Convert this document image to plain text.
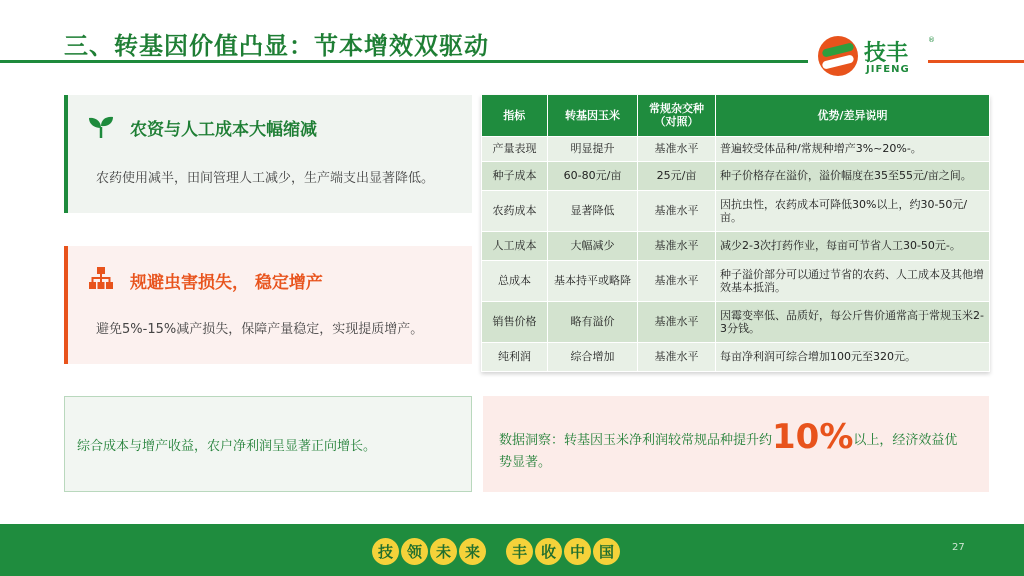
三、转基因价值凸显：节本增效双驱动	技丰
®
JIFENG
农资与人工成本大幅缩减
农药使用减半，田间管理人工减少，生产端支出显著降低。
规避虫害损失， 稳定增产
避免5%-15%减产损失，保障产量稳定，实现提质增产。
综合成本与增产收益，农户净利润呈显著正向增长。	数据洞察：转基因玉米净利润较常规品种提升约10%以上，经济效益优势显著。
指标	转基因玉米	常规杂交种（对照）	优势/差异说明
产量表现	明显提升	基准水平	普遍较受体品种/常规种增产3%~20%-。
种子成本	60-80元/亩	25元/亩	种子价格存在溢价，溢价幅度在35至55元/亩之间。
农药成本	显著降低	基准水平	因抗虫性，农药成本可降低30%以上，约30-50元/亩。
人工成本	大幅减少	基准水平	减少2-3次打药作业，每亩可节省人工30-50元-。
总成本	基本持平或略降	基准水平	种子溢价部分可以通过节省的农药、人工成本及其他增效基本抵消。
销售价格	略有溢价	基准水平	因霉变率低、品质好，每公斤售价通常高于常规玉米2-3分钱。
纯利润	综合增加	基准水平	每亩净利润可综合增加100元至320元。
技 领 未 来	丰 收 中 国	27
